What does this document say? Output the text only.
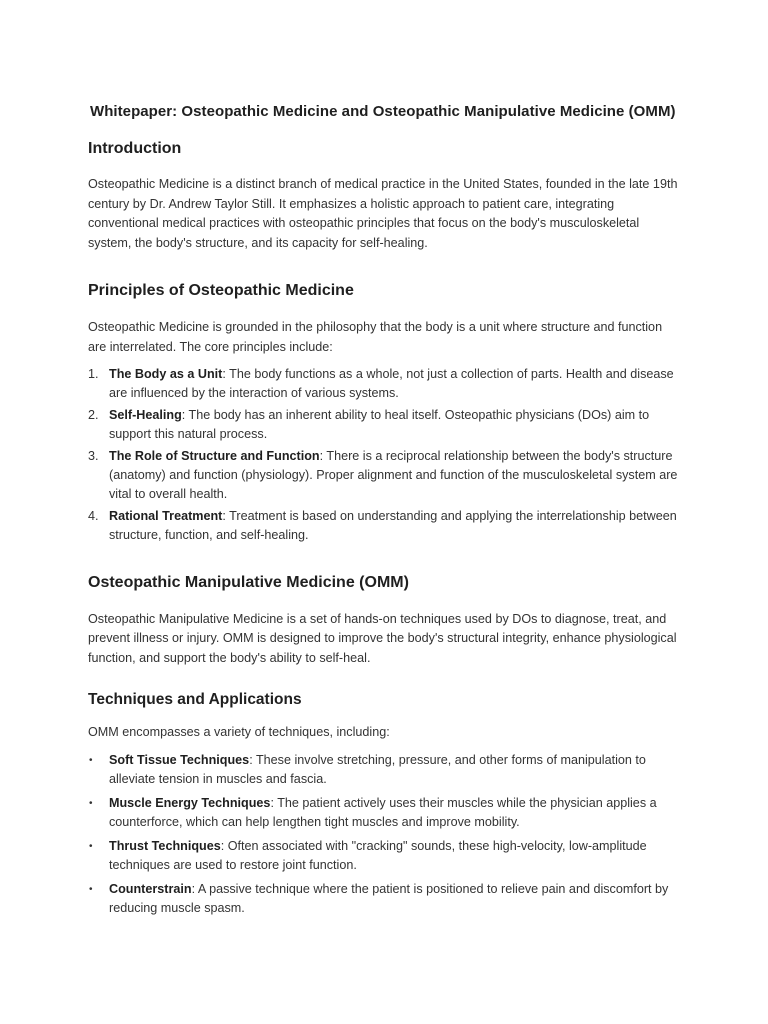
Whitepaper: Osteopathic Medicine and Osteopathic Manipulative Medicine (OMM)
Introduction

Osteopathic Medicine is a distinct branch of medical practice in the United States, founded in the late 19th century by Dr. Andrew Taylor Still. It emphasizes a holistic approach to patient care, integrating conventional medical practices with osteopathic principles that focus on the body's musculoskeletal system, the body's structure, and its capacity for self-healing.

Principles of Osteopathic Medicine

Osteopathic Medicine is grounded in the philosophy that the body is a unit where structure and function are interrelated. The core principles include:

1. The Body as a Unit: The body functions as a whole, not just a collection of parts. Health and disease are influenced by the interaction of various systems.
2. Self-Healing: The body has an inherent ability to heal itself. Osteopathic physicians (DOs) aim to support this natural process.
3. The Role of Structure and Function: There is a reciprocal relationship between the body's structure (anatomy) and function (physiology). Proper alignment and function of the musculoskeletal system are vital to overall health.
4. Rational Treatment: Treatment is based on understanding and applying the interrelationship between structure, function, and self-healing.
Osteopathic Manipulative Medicine (OMM)

Osteopathic Manipulative Medicine is a set of hands-on techniques used by DOs to diagnose, treat, and prevent illness or injury. OMM is designed to improve the body's structural integrity, enhance physiological function, and support the body's ability to self-heal.

Techniques and Applications

OMM encompasses a variety of techniques, including:

• Soft Tissue Techniques: These involve stretching, pressure, and other forms of manipulation to alleviate tension in muscles and fascia.
• Muscle Energy Techniques: The patient actively uses their muscles while the physician applies a counterforce, which can help lengthen tight muscles and improve mobility.
• Thrust Techniques: Often associated with "cracking" sounds, these high-velocity, low-amplitude techniques are used to restore joint function.
• Counterstrain: A passive technique where the patient is positioned to relieve pain and discomfort by reducing muscle spasm.
